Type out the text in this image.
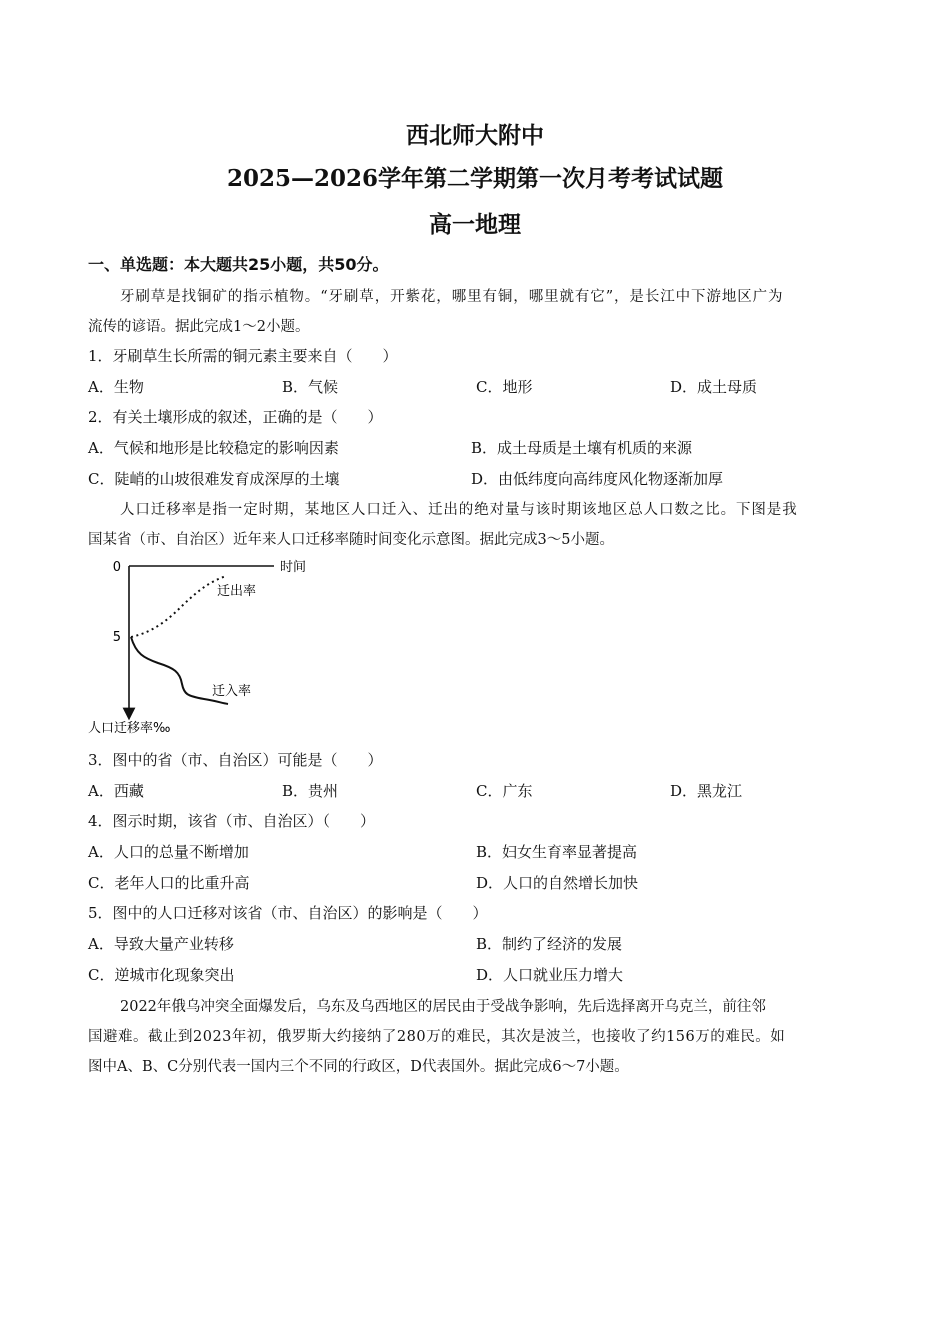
西北师大附中
2025—2026学年第二学期第一次月考考试试题
高一地理
一、单选题：本大题共25小题，共50分。
牙刷草是找铜矿的指示植物。“牙刷草，开紫花，哪里有铜，哪里就有它”，是长江中下游地区广为
流传的谚语。据此完成1～2小题。
1．牙刷草生长所需的铜元素主要来自（　　）
A．生物	B．气候	C．地形	D．成土母质
2．有关土壤形成的叙述，正确的是（　　）
A．气候和地形是比较稳定的影响因素	B．成土母质是土壤有机质的来源
C．陡峭的山坡很难发育成深厚的土壤	D．由低纬度向高纬度风化物逐渐加厚
人口迁移率是指一定时期，某地区人口迁入、迁出的绝对量与该时期该地区总人口数之比。下图是我
国某省（市、自治区）近年来人口迁移率随时间变化示意图。据此完成3～5小题。
0
5
时间
人口迁移率‰
迁出率
迁入率
3．图中的省（市、自治区）可能是（　　）
A．西藏	B．贵州	C．广东	D．黑龙江
4．图示时期，该省（市、自治区）（　　）
A．人口的总量不断增加	B．妇女生育率显著提高
C．老年人口的比重升高	D．人口的自然增长加快
5．图中的人口迁移对该省（市、自治区）的影响是（　　）
A．导致大量产业转移	B．制约了经济的发展
C．逆城市化现象突出	D．人口就业压力增大
2022年俄乌冲突全面爆发后，乌东及乌西地区的居民由于受战争影响，先后选择离开乌克兰，前往邻
国避难。截止到2023年初，俄罗斯大约接纳了280万的难民，其次是波兰，也接收了约156万的难民。如
图中A、B、C分别代表一国内三个不同的行政区，D代表国外。据此完成6～7小题。
